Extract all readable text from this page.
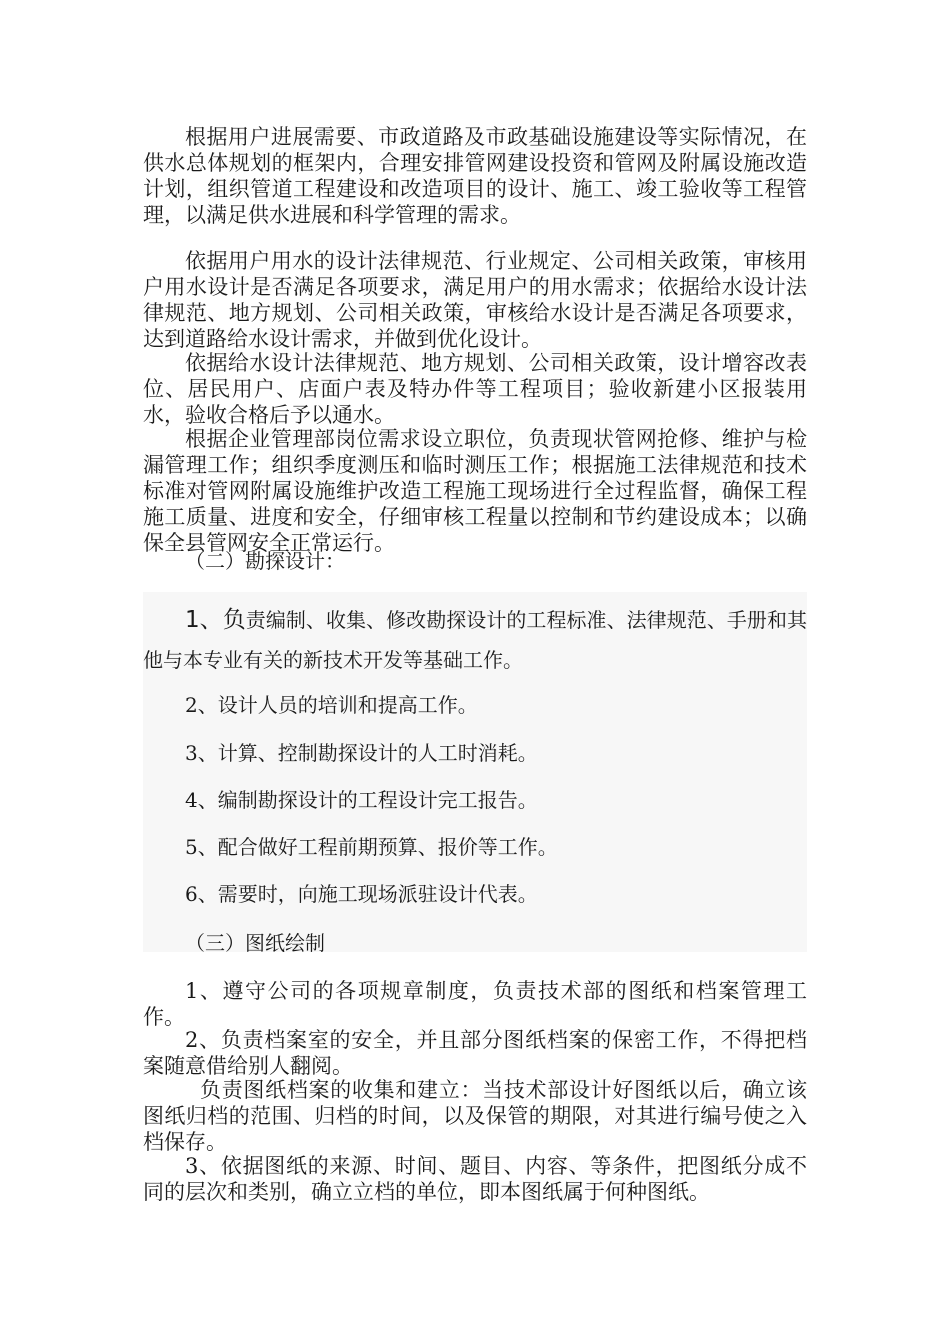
根据用户进展需要、市政道路及市政基础设施建设等实际情况，在供水总体规划的框架内，合理安排管网建设投资和管网及附属设施改造计划，组织管道工程建设和改造项目的设计、施工、竣工验收等工程管理，以满足供水进展和科学管理的需求。

依据用户用水的设计法律规范、行业规定、公司相关政策，审核用户用水设计是否满足各项要求，满足用户的用水需求；依据给水设计法律规范、地方规划、公司相关政策，审核给水设计是否满足各项要求，达到道路给水设计需求，并做到优化设计。

依据给水设计法律规范、地方规划、公司相关政策，设计增容改表位、居民用户、店面户表及特办件等工程项目；验收新建小区报装用水，验收合格后予以通水。

根据企业管理部岗位需求设立职位，负责现状管网抢修、维护与检漏管理工作；组织季度测压和临时测压工作；根据施工法律规范和技术标准对管网附属设施维护改造工程施工现场进行全过程监督，确保工程施工质量、进度和安全，仔细审核工程量以控制和节约建设成本；以确保全县管网安全正常运行。

（二）勘探设计：

1、负责编制、收集、修改勘探设计的工程标准、法律规范、手册和其他与本专业有关的新技术开发等基础工作。

2、设计人员的培训和提高工作。

3、计算、控制勘探设计的人工时消耗。

4、编制勘探设计的工程设计完工报告。

5、配合做好工程前期预算、报价等工作。

6、需要时，向施工现场派驻设计代表。

（三）图纸绘制

1、遵守公司的各项规章制度，负责技术部的图纸和档案管理工作。

2、负责档案室的安全，并且部分图纸档案的保密工作，不得把档案随意借给别人翻阅。

负责图纸档案的收集和建立：当技术部设计好图纸以后，确立该图纸归档的范围、归档的时间，以及保管的期限，对其进行编号使之入档保存。

3、依据图纸的来源、时间、题目、内容、等条件，把图纸分成不同的层次和类别，确立立档的单位，即本图纸属于何种图纸。
